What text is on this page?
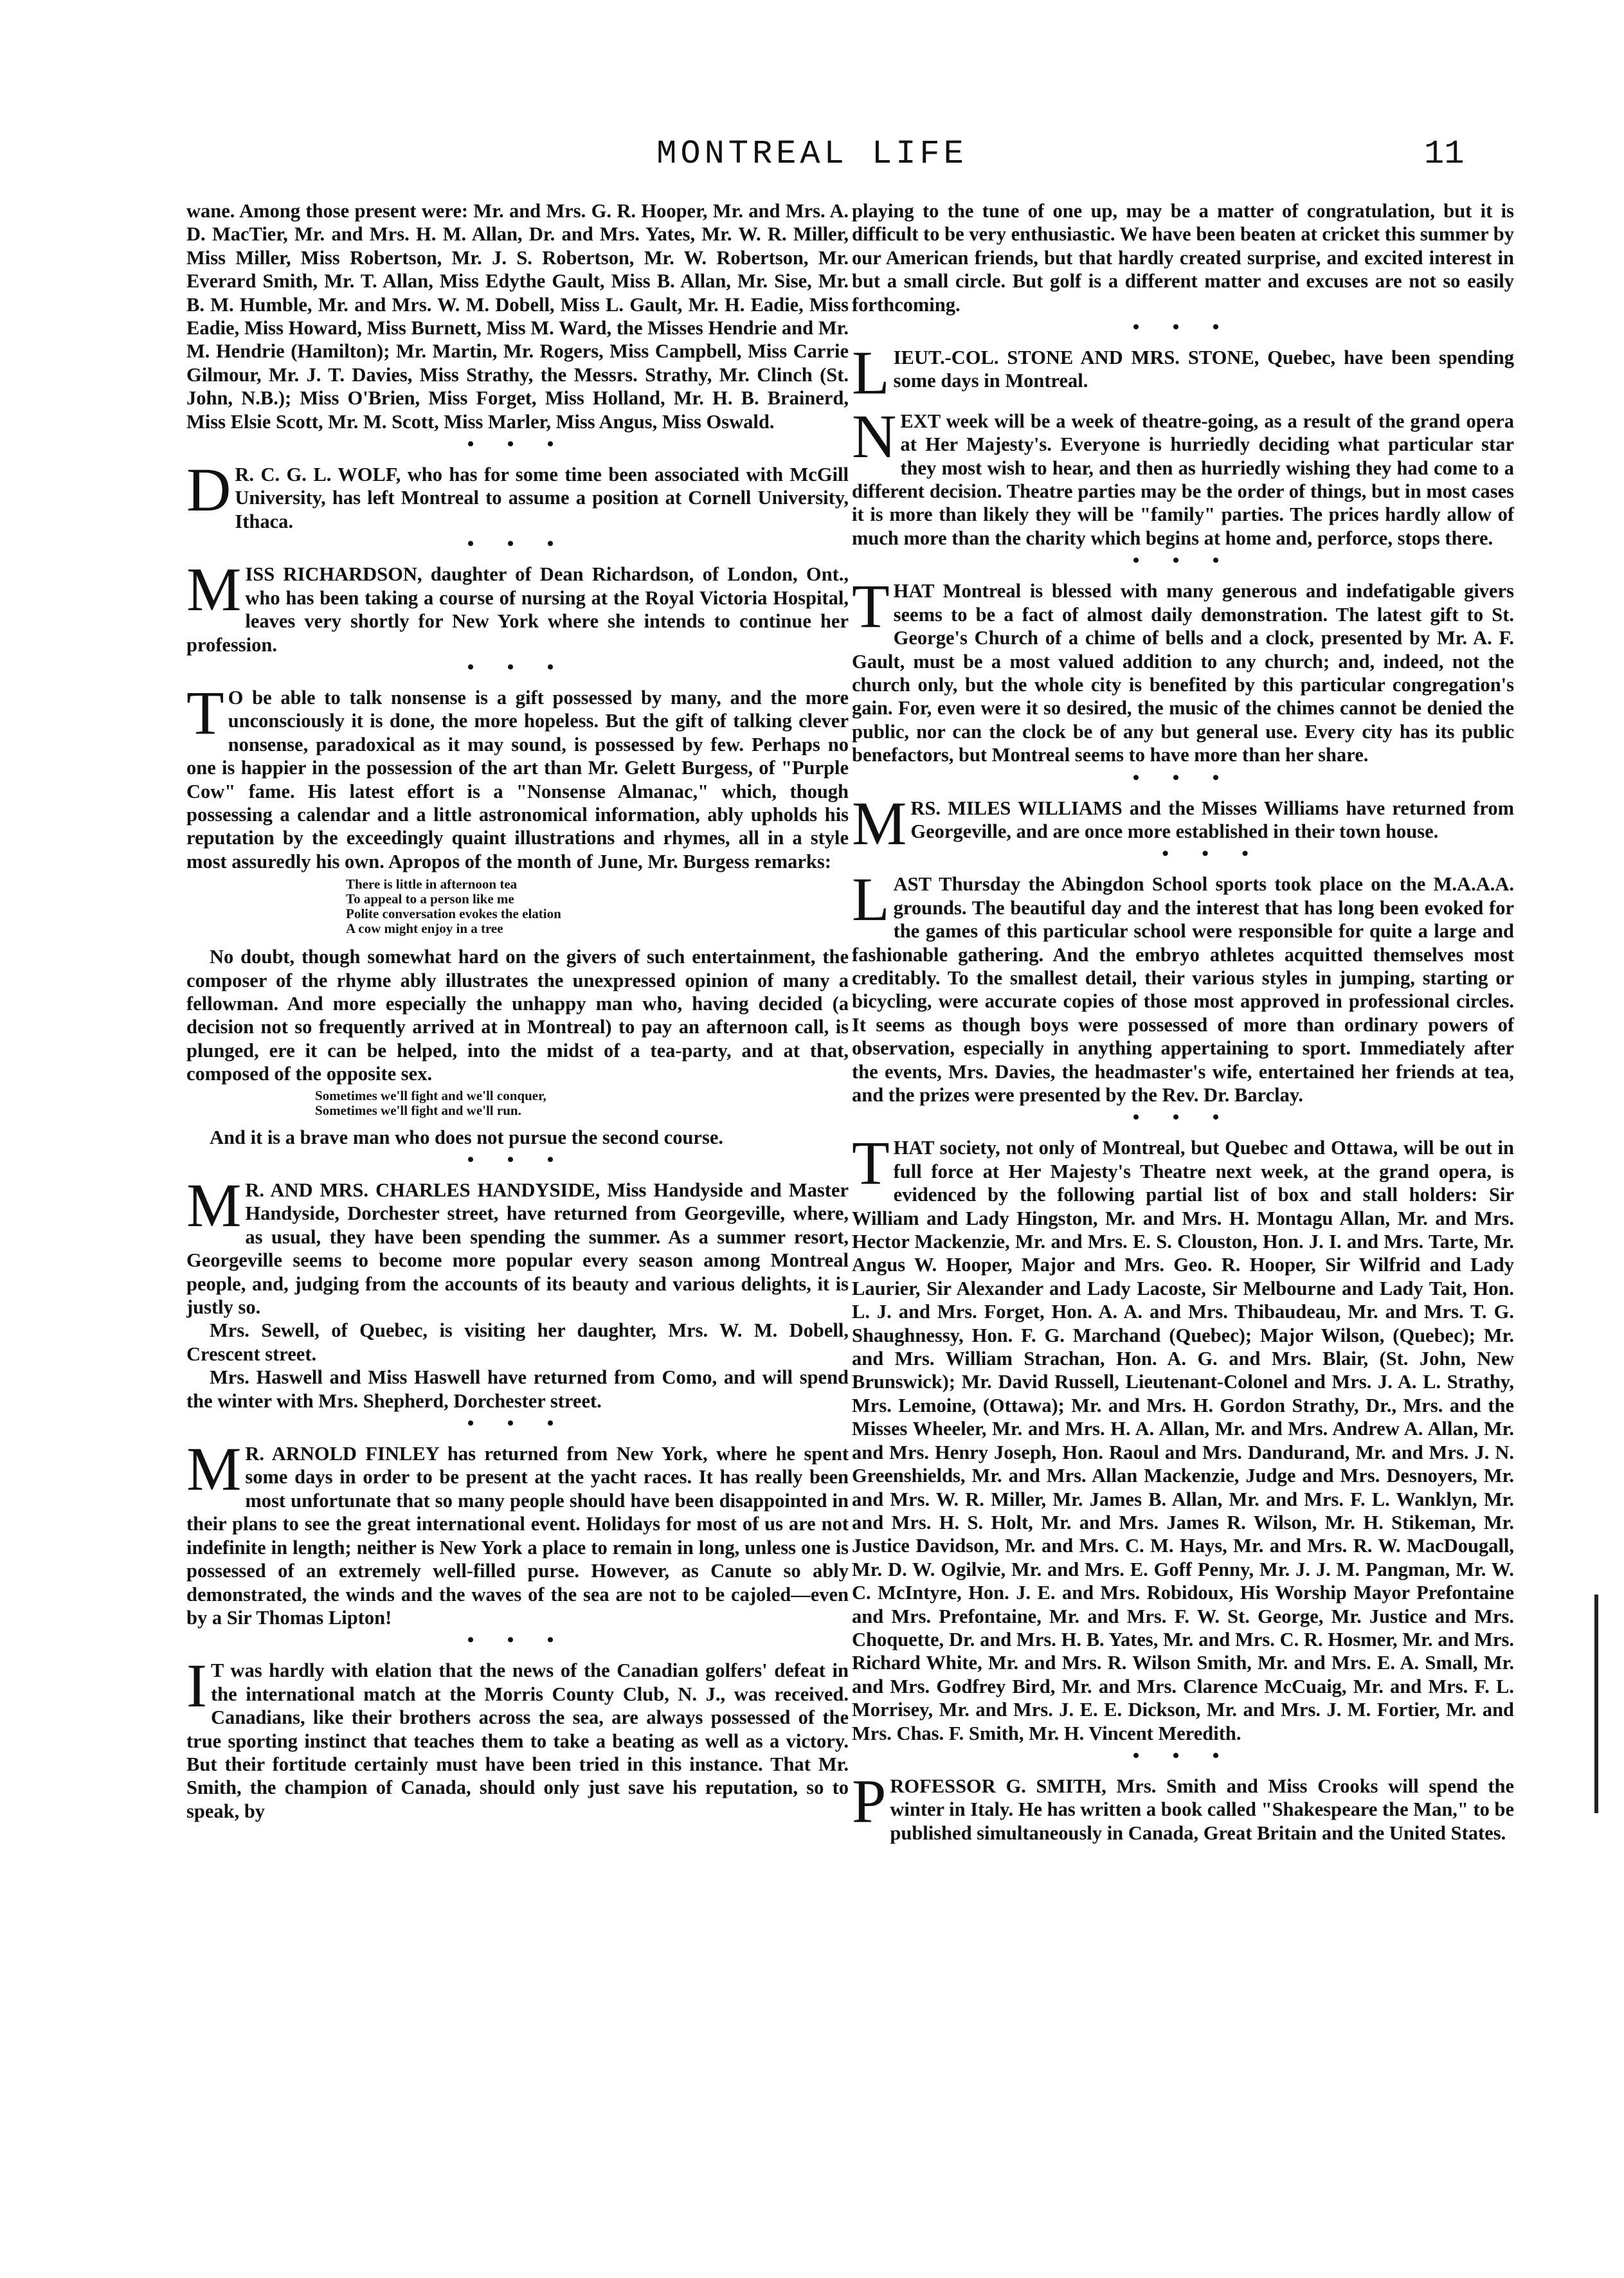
MONTREAL LIFE	11

wane. Among those present were: Mr. and Mrs. G. R. Hooper, Mr. and Mrs. A. D. MacTier, Mr. and Mrs. H. M. Allan, Dr. and Mrs. Yates, Mr. W. R. Miller, Miss Miller, Miss Robertson, Mr. J. S. Robertson, Mr. W. Robertson, Mr. Everard Smith, Mr. T. Allan, Miss Edythe Gault, Miss B. Allan, Mr. Sise, Mr. B. M. Humble, Mr. and Mrs. W. M. Dobell, Miss L. Gault, Mr. H. Eadie, Miss Eadie, Miss Howard, Miss Burnett, Miss M. Ward, the Misses Hendrie and Mr. M. Hendrie (Hamilton); Mr. Martin, Mr. Rogers, Miss Campbell, Miss Carrie Gilmour, Mr. J. T. Davies, Miss Strathy, the Messrs. Strathy, Mr. Clinch (St. John, N.B.); Miss O'Brien, Miss Forget, Miss Holland, Mr. H. B. Brainerd, Miss Elsie Scott, Mr. M. Scott, Miss Marler, Miss Angus, Miss Oswald.

• • •
D R. C. G. L. WOLF, who has for some time been associated with McGill University, has left Montreal to assume a position at Cornell University, Ithaca.
• • •
M ISS RICHARDSON, daughter of Dean Richardson, of London, Ont., who has been taking a course of nursing at the Royal Victoria Hospital, leaves very shortly for New York where she intends to continue her profession.
• • •
T O be able to talk nonsense is a gift possessed by many, and the more unconsciously it is done, the more hopeless. But the gift of talking clever nonsense, paradoxical as it may sound, is possessed by few. Perhaps no one is happier in the possession of the art than Mr. Gelett Burgess, of "Purple Cow" fame. His latest effort is a "Nonsense Almanac," which, though possessing a calendar and a little astronomical information, ably upholds his reputation by the exceedingly quaint illustrations and rhymes, all in a style most assuredly his own. Apropos of the month of June, Mr. Burgess remarks:
There is little in afternoon tea
To appeal to a person like me
Polite conversation evokes the elation
A cow might enjoy in a tree

No doubt, though somewhat hard on the givers of such entertainment, the composer of the rhyme ably illustrates the unexpressed opinion of many a fellowman. And more especially the unhappy man who, having decided (a decision not so frequently arrived at in Montreal) to pay an afternoon call, is plunged, ere it can be helped, into the midst of a tea-party, and at that, composed of the opposite sex.

Sometimes we'll fight and we'll conquer,
Sometimes we'll fight and we'll run.

And it is a brave man who does not pursue the second course.

• • •
M R. AND MRS. CHARLES HANDYSIDE, Miss Handyside and Master Handyside, Dorchester street, have returned from Georgeville, where, as usual, they have been spending the summer. As a summer resort, Georgeville seems to become more popular every season among Montreal people, and, judging from the accounts of its beauty and various delights, it is justly so.

Mrs. Sewell, of Quebec, is visiting her daughter, Mrs. W. M. Dobell, Crescent street.

Mrs. Haswell and Miss Haswell have returned from Como, and will spend the winter with Mrs. Shepherd, Dorchester street.

• • •
M R. ARNOLD FINLEY has returned from New York, where he spent some days in order to be present at the yacht races. It has really been most unfortunate that so many people should have been disappointed in their plans to see the great international event. Holidays for most of us are not indefinite in length; neither is New York a place to remain in long, unless one is possessed of an extremely well-filled purse. However, as Canute so ably demonstrated, the winds and the waves of the sea are not to be cajoled—even by a Sir Thomas Lipton!
• • •
I T was hardly with elation that the news of the Canadian golfers' defeat in the international match at the Morris County Club, N. J., was received. Canadians, like their brothers across the sea, are always possessed of the true sporting instinct that teaches them to take a beating as well as a victory. But their fortitude certainly must have been tried in this instance. That Mr. Smith, the champion of Canada, should only just save his reputation, so to speak, by

playing to the tune of one up, may be a matter of congratulation, but it is difficult to be very enthusiastic. We have been beaten at cricket this summer by our American friends, but that hardly created surprise, and excited interest in but a small circle. But golf is a different matter and excuses are not so easily forthcoming.

• • •
L IEUT.-COL. STONE AND MRS. STONE, Quebec, have been spending some days in Montreal.
N EXT week will be a week of theatre-going, as a result of the grand opera at Her Majesty's. Everyone is hurriedly deciding what particular star they most wish to hear, and then as hurriedly wishing they had come to a different decision. Theatre parties may be the order of things, but in most cases it is more than likely they will be "family" parties. The prices hardly allow of much more than the charity which begins at home and, perforce, stops there.
• • •
T HAT Montreal is blessed with many generous and indefatigable givers seems to be a fact of almost daily demonstration. The latest gift to St. George's Church of a chime of bells and a clock, presented by Mr. A. F. Gault, must be a most valued addition to any church; and, indeed, not the church only, but the whole city is benefited by this particular congregation's gain. For, even were it so desired, the music of the chimes cannot be denied the public, nor can the clock be of any but general use. Every city has its public benefactors, but Montreal seems to have more than her share.
• • •
M RS. MILES WILLIAMS and the Misses Williams have returned from Georgeville, and are once more established in their town house.
• • •
L AST Thursday the Abingdon School sports took place on the M.A.A.A. grounds. The beautiful day and the interest that has long been evoked for the games of this particular school were responsible for quite a large and fashionable gathering. And the embryo athletes acquitted themselves most creditably. To the smallest detail, their various styles in jumping, starting or bicycling, were accurate copies of those most approved in professional circles. It seems as though boys were possessed of more than ordinary powers of observation, especially in anything appertaining to sport. Immediately after the events, Mrs. Davies, the headmaster's wife, entertained her friends at tea, and the prizes were presented by the Rev. Dr. Barclay.
• • •
T HAT society, not only of Montreal, but Quebec and Ottawa, will be out in full force at Her Majesty's Theatre next week, at the grand opera, is evidenced by the following partial list of box and stall holders: Sir William and Lady Hingston, Mr. and Mrs. H. Montagu Allan, Mr. and Mrs. Hector Mackenzie, Mr. and Mrs. E. S. Clouston, Hon. J. I. and Mrs. Tarte, Mr. Angus W. Hooper, Major and Mrs. Geo. R. Hooper, Sir Wilfrid and Lady Laurier, Sir Alexander and Lady Lacoste, Sir Melbourne and Lady Tait, Hon. L. J. and Mrs. Forget, Hon. A. A. and Mrs. Thibaudeau, Mr. and Mrs. T. G. Shaughnessy, Hon. F. G. Marchand (Quebec); Major Wilson, (Quebec); Mr. and Mrs. William Strachan, Hon. A. G. and Mrs. Blair, (St. John, New Brunswick); Mr. David Russell, Lieutenant-Colonel and Mrs. J. A. L. Strathy, Mrs. Lemoine, (Ottawa); Mr. and Mrs. H. Gordon Strathy, Dr., Mrs. and the Misses Wheeler, Mr. and Mrs. H. A. Allan, Mr. and Mrs. Andrew A. Allan, Mr. and Mrs. Henry Joseph, Hon. Raoul and Mrs. Dandurand, Mr. and Mrs. J. N. Greenshields, Mr. and Mrs. Allan Mackenzie, Judge and Mrs. Desnoyers, Mr. and Mrs. W. R. Miller, Mr. James B. Allan, Mr. and Mrs. F. L. Wanklyn, Mr. and Mrs. H. S. Holt, Mr. and Mrs. James R. Wilson, Mr. H. Stikeman, Mr. Justice Davidson, Mr. and Mrs. C. M. Hays, Mr. and Mrs. R. W. MacDougall, Mr. D. W. Ogilvie, Mr. and Mrs. E. Goff Penny, Mr. J. J. M. Pangman, Mr. W. C. McIntyre, Hon. J. E. and Mrs. Robidoux, His Worship Mayor Prefontaine and Mrs. Prefontaine, Mr. and Mrs. F. W. St. George, Mr. Justice and Mrs. Choquette, Dr. and Mrs. H. B. Yates, Mr. and Mrs. C. R. Hosmer, Mr. and Mrs. Richard White, Mr. and Mrs. R. Wilson Smith, Mr. and Mrs. E. A. Small, Mr. and Mrs. Godfrey Bird, Mr. and Mrs. Clarence McCuaig, Mr. and Mrs. F. L. Morrisey, Mr. and Mrs. J. E. E. Dickson, Mr. and Mrs. J. M. Fortier, Mr. and Mrs. Chas. F. Smith, Mr. H. Vincent Meredith.
• • •
P ROFESSOR G. SMITH, Mrs. Smith and Miss Crooks will spend the winter in Italy. He has written a book called "Shakespeare the Man," to be published simultaneously in Canada, Great Britain and the United States.
